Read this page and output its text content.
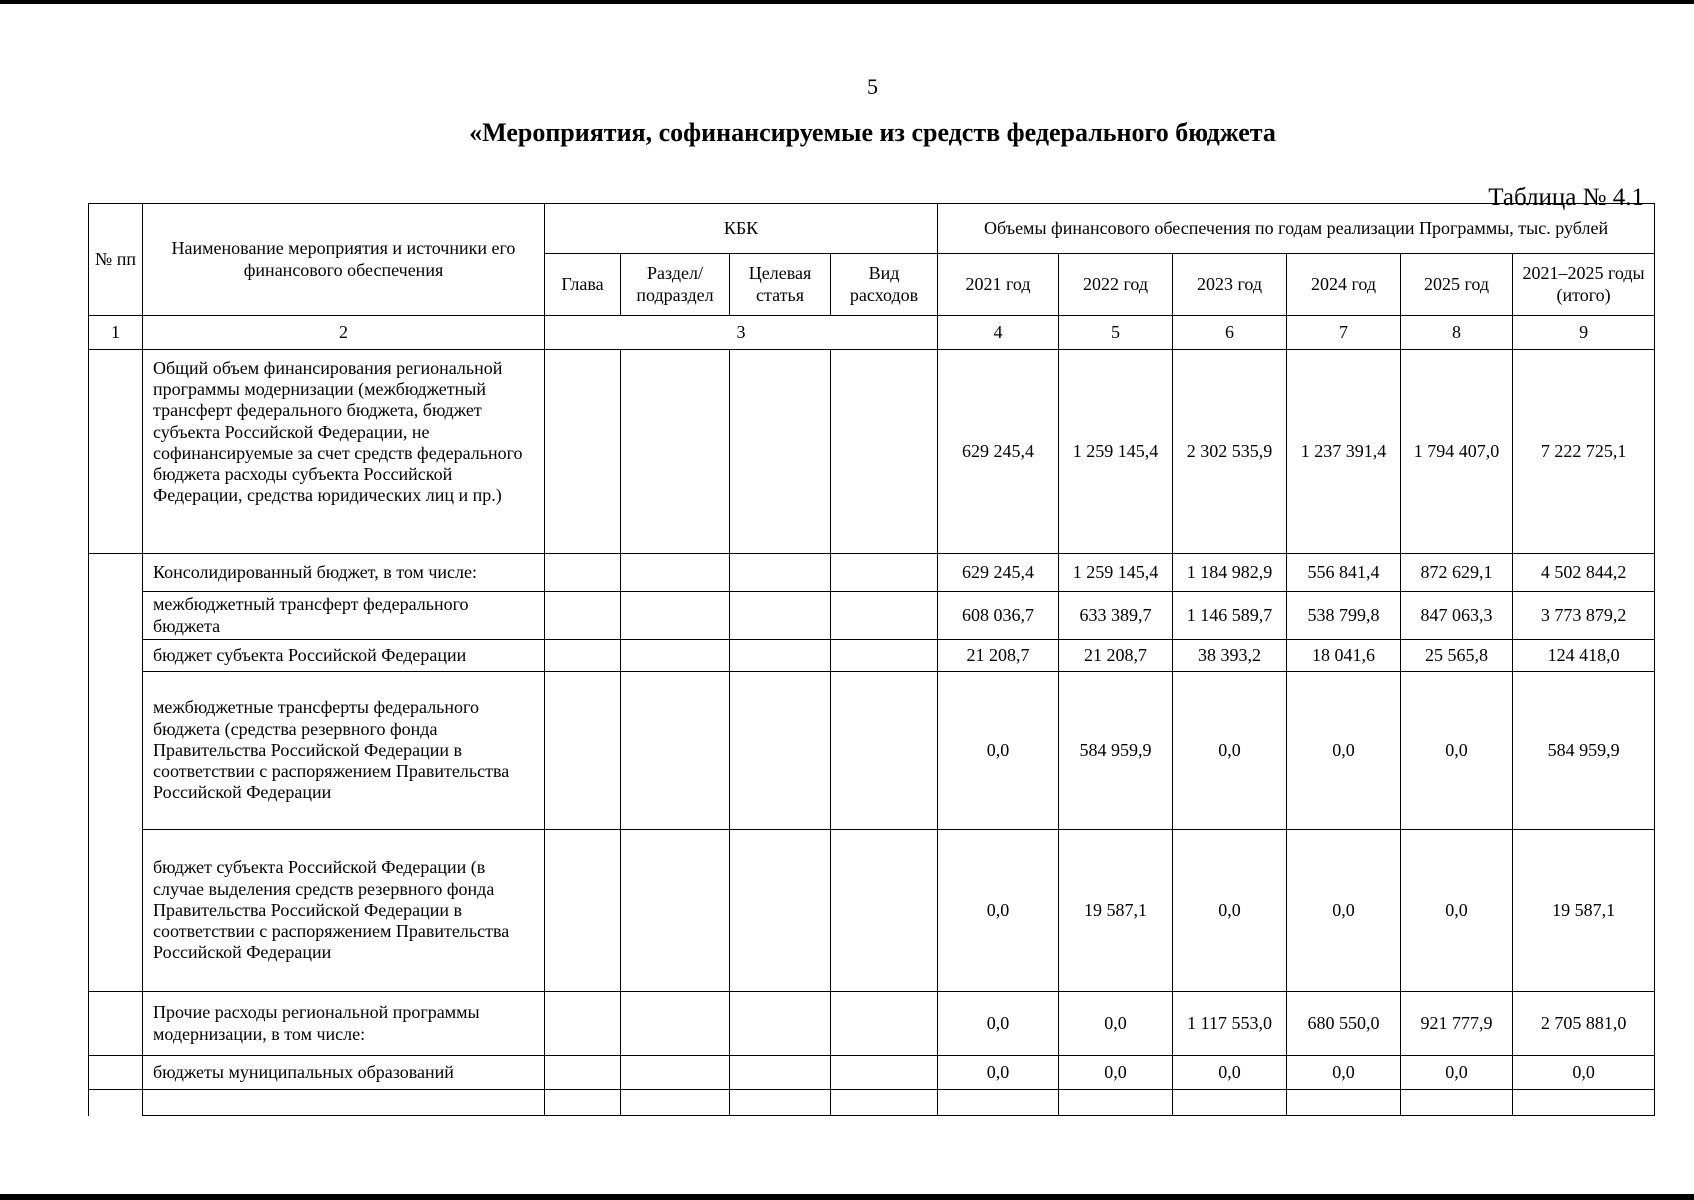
5
«Мероприятия, софинансируемые из средств федерального бюджета
Таблица № 4.1
№ пп	Наименование мероприятия и источники его финансового обеспечения	КБК				Объемы финансового обеспечения по годам реализации Программы, тыс. рублей					
		Глава	Раздел/ подраздел	Целевая статья	Вид расходов	2021 год	2022 год	2023 год	2024 год	2025 год	2021–2025 годы (итого)
1	2	3				4	5	6	7	8	9
	Общий объем финансирования региональной программы модернизации (межбюджетный трансферт федерального бюджета, бюджет субъекта Российской Федерации, не софинансируемые за счет средств федерального бюджета расходы субъекта Российской Федерации, средства юридических лиц и пр.)					629 245,4	1 259 145,4	2 302 535,9	1 237 391,4	1 794 407,0	7 222 725,1
	Консолидированный бюджет, в том числе:					629 245,4	1 259 145,4	1 184 982,9	556 841,4	872 629,1	4 502 844,2
	межбюджетный трансферт федерального бюджета					608 036,7	633 389,7	1 146 589,7	538 799,8	847 063,3	3 773 879,2
	бюджет субъекта Российской Федерации					21 208,7	21 208,7	38 393,2	18 041,6	25 565,8	124 418,0
	межбюджетные трансферты федерального бюджета (средства резервного фонда Правительства Российской Федерации в соответствии с распоряжением Правительства Российской Федерации					0,0	584 959,9	0,0	0,0	0,0	584 959,9
	бюджет субъекта Российской Федерации (в случае выделения средств резервного фонда Правительства Российской Федерации в соответствии с распоряжением Правительства Российской Федерации					0,0	19 587,1	0,0	0,0	0,0	19 587,1
	Прочие расходы региональной программы модернизации, в том числе:					0,0	0,0	1 117 553,0	680 550,0	921 777,9	2 705 881,0
	бюджеты муниципальных образований					0,0	0,0	0,0	0,0	0,0	0,0
